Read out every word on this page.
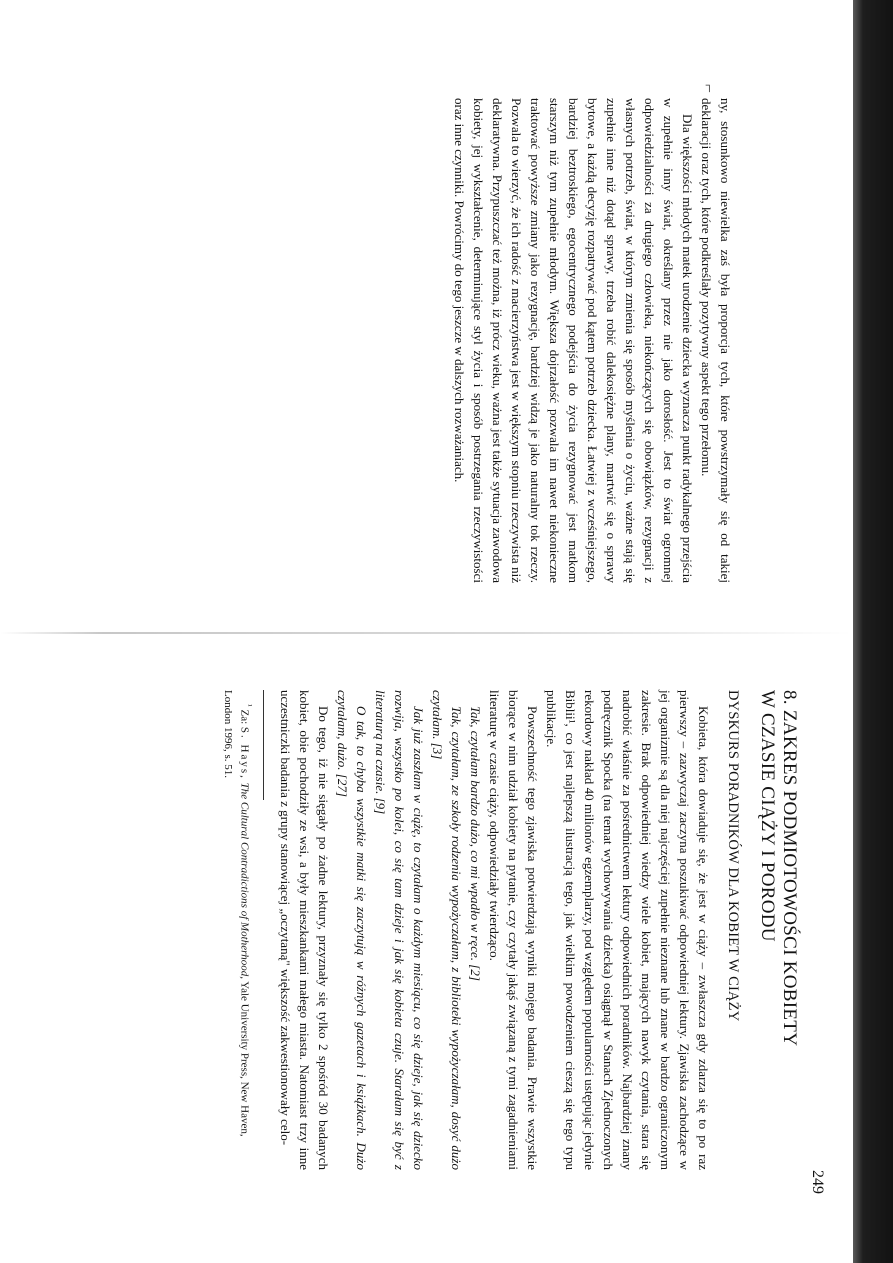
⌐

ny, stosunkowo niewielka zaś była proporcja tych, które powstrzymały się od takiej deklaracji oraz tych, które podkreślały pozytywny aspekt tego przełomu.

Dla większości młodych matek urodzenie dziecka wyznacza punkt radykalnego przejścia w zupełnie inny świat, określany przez nie jako dorosłość. Jest to świat ogromnej odpowiedzialności za drugiego człowieka, niekończących się obowiązków, rezygnacji z własnych potrzeb, świat, w którym zmienia się sposób myślenia o życiu, ważne stają się zupełnie inne niż dotąd sprawy, trzeba robić dalekosiężne plany, martwić się o sprawy bytowe, a każdą decyzję rozpatrywać pod kątem potrzeb dziecka. Łatwiej z wcześniejszego, bardziej beztroskiego, egocentrycznego podejścia do życia rezygnować jest matkom starszym niż tym zupełnie młodym. Większa dojrzałość pozwala im nawet niekonieczne traktować powyższe zmiany jako rezygnację, bardziej widzą je jako naturalny tok rzeczy. Pozwala to wierzyć, że ich radość z macierzyństwa jest w większym stopniu rzeczywista niż deklaratywna. Przypuszczać też można, iż prócz wieku, ważna jest także sytuacja zawodowa kobiety, jej wykształcenie, determinujące styl życia i sposób postrzegania rzeczywistości oraz inne czynniki. Powrócimy do tego jeszcze w dalszych rozważaniach.

8. ZAKRES PODMIOTOWOŚCI KOBIETY
W CZASIE CIĄŻY I PORODU
DYSKURS PORADNIKÓW DLA KOBIET W CIĄŻY

Kobieta, która dowiaduje się, że jest w ciąży – zwłaszcza gdy zdarza się to po raz pierwszy – zazwyczaj zaczyna poszukiwać odpowiedniej lektury. Zjawiska zachodzące w jej organizmie są dla niej najczęściej zupełnie nieznane lub znane w bardzo ograniczonym zakresie. Brak odpowiedniej wiedzy wiele kobiet, mających nawyk czytania, stara się nadrobić właśnie za pośrednictwem lektury odpowiednich poradników. Najbardziej znany podręcznik Spocka (na temat wychowywania dziecka) osiągnął w Stanach Zjednoczonych rekordowy nakład 40 milionów egzemplarzy, pod względem popularności ustępując jedynie Biblii¹, co jest najlepszą ilustracją tego, jak wielkim powodzeniem cieszą się tego typu publikacje.

Powszechność tego zjawiska potwierdzają wyniki mojego badania. Prawie wszystkie biorące w nim udział kobiety na pytanie, czy czytały jakąś związaną z tymi zagadnieniami literaturę w czasie ciąży, odpowiedziały twierdząco.

Tak, czytałam bardzo dużo, co mi wpadło w ręce. [2]

Tak, czytałam, ze szkoły rodzenia wypożyczałam, z biblioteki wypożyczałam, dosyć dużo czytałam. [3]

Jak już zaszłam w ciążę, to czytałam o każdym miesiącu, co się dzieje, jak się dziecko rozwija, wszystko po kolei, co się tam dzieje i jak się kobieta czuje. Starałam się być z literaturą na czasie. [9]

O tak, to chyba wszystkie matki się zaczytują w różnych gazetach i książkach. Dużo czytałam, dużo. [27]

Do tego, iż nie sięgały po żadne lektury, przyznały się tylko 2 spośród 30 badanych kobiet, obie pochodziły ze wsi, a były mieszkankami małego miasta. Natomiast trzy inne uczestniczki badania z grupy stanowiącej „oczytaną" większość zakwestionowały celo-

$^{^1}$ Za: S. Hays, The Cultural Contradictions of Motherhood, Yale University Press, New Haven, London 1996, s. 51.

249
